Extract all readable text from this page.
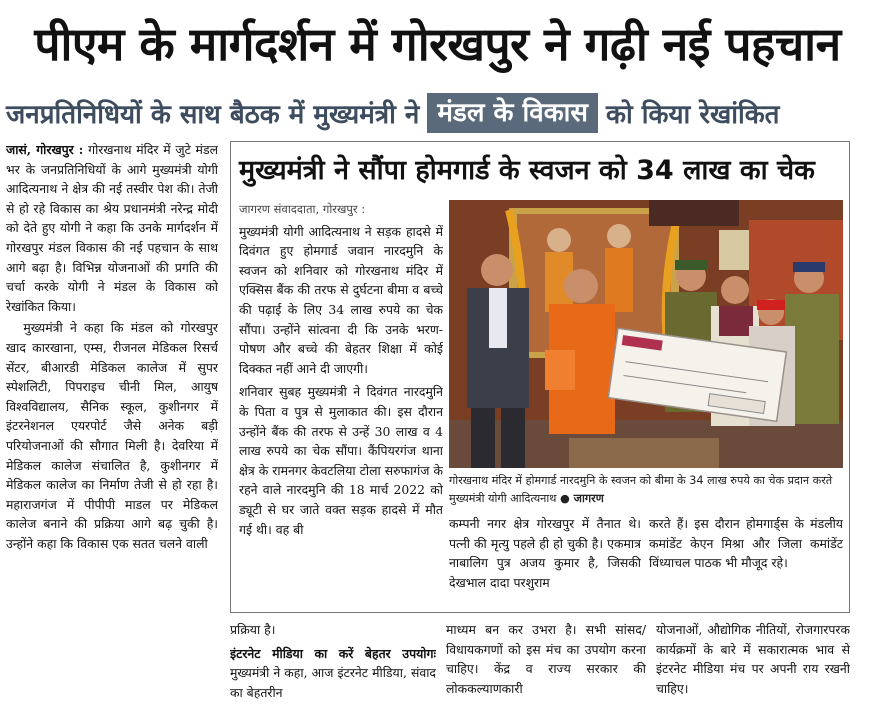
पीएम के मार्गदर्शन में गोरखपुर ने गढ़ी नई पहचान
जनप्रतिनिधियों के साथ बैठक में मुख्यमंत्री ने मंडल के विकास को किया रेखांकित

जासं, गोरखपुर : गोरखनाथ मंदिर में जुटे मंडल भर के जनप्रतिनिधियों के आगे मुख्यमंत्री योगी आदित्यनाथ ने क्षेत्र की नई तस्वीर पेश की। तेजी से हो रहे विकास का श्रेय प्रधानमंत्री नरेन्द्र मोदी को देते हुए योगी ने कहा कि उनके मार्गदर्शन में गोरखपुर मंडल विकास की नई पहचान के साथ आगे बढ़ा है। विभिन्न योजनाओं की प्रगति की चर्चा करके योगी ने मंडल के विकास को रेखांकित किया।

मुख्यमंत्री ने कहा कि मंडल को गोरखपुर खाद कारखाना, एम्स, रीजनल मेडिकल रिसर्च सेंटर, बीआरडी मेडिकल कालेज में सुपर स्पेशलिटी, पिपराइच चीनी मिल, आयुष विश्वविद्यालय, सैनिक स्कूल, कुशीनगर में इंटरनेशनल एयरपोर्ट जैसे अनेक बड़ी परियोजनाओं की सौगात मिली है। देवरिया में मेडिकल कालेज संचालित है, कुशीनगर में मेडिकल कालेज का निर्माण तेजी से हो रहा है। महाराजगंज में पीपीपी माडल पर मेडिकल कालेज बनाने की प्रक्रिया आगे बढ़ चुकी है। उन्होंने कहा कि विकास एक सतत चलने वाली

मुख्यमंत्री ने सौंपा होमगार्ड के स्वजन को 34 लाख का चेक
जागरण संवाददाता, गोरखपुर :

मुख्यमंत्री योगी आदित्यनाथ ने सड़क हादसे में दिवंगत हुए होमगार्ड जवान नारदमुनि के स्वजन को शनिवार को गोरखनाथ मंदिर में एक्सिस बैंक की तरफ से दुर्घटना बीमा व बच्चे की पढ़ाई के लिए 34 लाख रुपये का चेक सौंपा। उन्होंने सांत्वना दी कि उनके भरण-पोषण और बच्चे की बेहतर शिक्षा में कोई दिक्कत नहीं आने दी जाएगी।

शनिवार सुबह मुख्यमंत्री ने दिवंगत नारदमुनि के पिता व पुत्र से मुलाकात की। इस दौरान उन्होंने बैंक की तरफ से उन्हें 30 लाख व 4 लाख रुपये का चेक सौंपा। कैंपियरगंज थाना क्षेत्र के रामनगर केवटलिया टोला सरुफागंज के रहने वाले नारदमुनि की 18 मार्च 2022 को ड्यूटी से घर जाते वक्त सड़क हादसे में मौत गई थी। वह बी

गोरखनाथ मंदिर में होमगार्ड नारदमुनि के स्वजन को बीमा के 34 लाख रुपये का चेक प्रदान करते मुख्यमंत्री योगी आदित्यनाथ ● जागरण

कम्पनी नगर क्षेत्र गोरखपुर में तैनात थे। पत्नी की मृत्यु पहले ही हो चुकी है। एकमात्र नाबालिग पुत्र अजय कुमार है, जिसकी देखभाल दादा परशुराम

करते हैं। इस दौरान होमगार्ड्स के मंडलीय कमांडेंट केएन मिश्रा और जिला कमांडेंट विंध्याचल पाठक भी मौजूद रहे।

प्रक्रिया है।

इंटरनेट मीडिया का करें बेहतर उपयोगः मुख्यमंत्री ने कहा, आज इंटरनेट मीडिया, संवाद का बेहतरीन

माध्यम बन कर उभरा है। सभी सांसद/विधायकगणों को इस मंच का उपयोग करना चाहिए। केंद्र व राज्य सरकार की लोककल्याणकारी

योजनाओं, औद्योगिक नीतियों, रोजगारपरक कार्यक्रमों के बारे में सकारात्मक भाव से इंटरनेट मीडिया मंच पर अपनी राय रखनी चाहिए।
